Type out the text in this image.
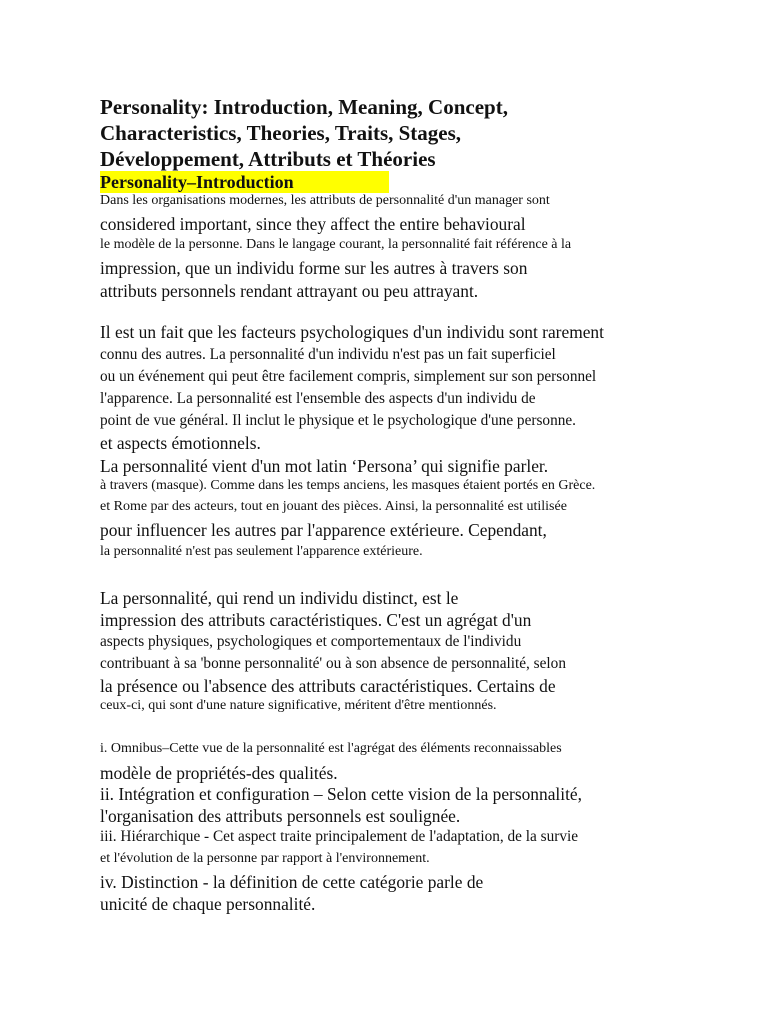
Personality: Introduction, Meaning, Concept,
Characteristics, Theories, Traits, Stages,
Développement, Attributs et Théories
Personality–Introduction

Dans les organisations modernes, les attributs de personnalité d'un manager sont

considered important, since they affect the entire behavioural

le modèle de la personne. Dans le langage courant, la personnalité fait référence à la

impression, que un individu forme sur les autres à travers son

attributs personnels rendant attrayant ou peu attrayant.

Il est un fait que les facteurs psychologiques d'un individu sont rarement

connu des autres. La personnalité d'un individu n'est pas un fait superficiel

ou un événement qui peut être facilement compris, simplement sur son personnel

l'apparence. La personnalité est l'ensemble des aspects d'un individu de

point de vue général. Il inclut le physique et le psychologique d'une personne.

et aspects émotionnels.

La personnalité vient d'un mot latin ‘Persona’ qui signifie parler.

à travers (masque). Comme dans les temps anciens, les masques étaient portés en Grèce.

et Rome par des acteurs, tout en jouant des pièces. Ainsi, la personnalité est utilisée

pour influencer les autres par l'apparence extérieure. Cependant,

la personnalité n'est pas seulement l'apparence extérieure.

La personnalité, qui rend un individu distinct, est le

impression des attributs caractéristiques. C'est un agrégat d'un

aspects physiques, psychologiques et comportementaux de l'individu

contribuant à sa 'bonne personnalité' ou à son absence de personnalité, selon

la présence ou l'absence des attributs caractéristiques. Certains de

ceux-ci, qui sont d'une nature significative, méritent d'être mentionnés.

i. Omnibus–Cette vue de la personnalité est l'agrégat des éléments reconnaissables

modèle de propriétés-des qualités.

ii. Intégration et configuration – Selon cette vision de la personnalité,

l'organisation des attributs personnels est soulignée.

iii. Hiérarchique - Cet aspect traite principalement de l'adaptation, de la survie

et l'évolution de la personne par rapport à l'environnement.

iv. Distinction - la définition de cette catégorie parle de

unicité de chaque personnalité.
